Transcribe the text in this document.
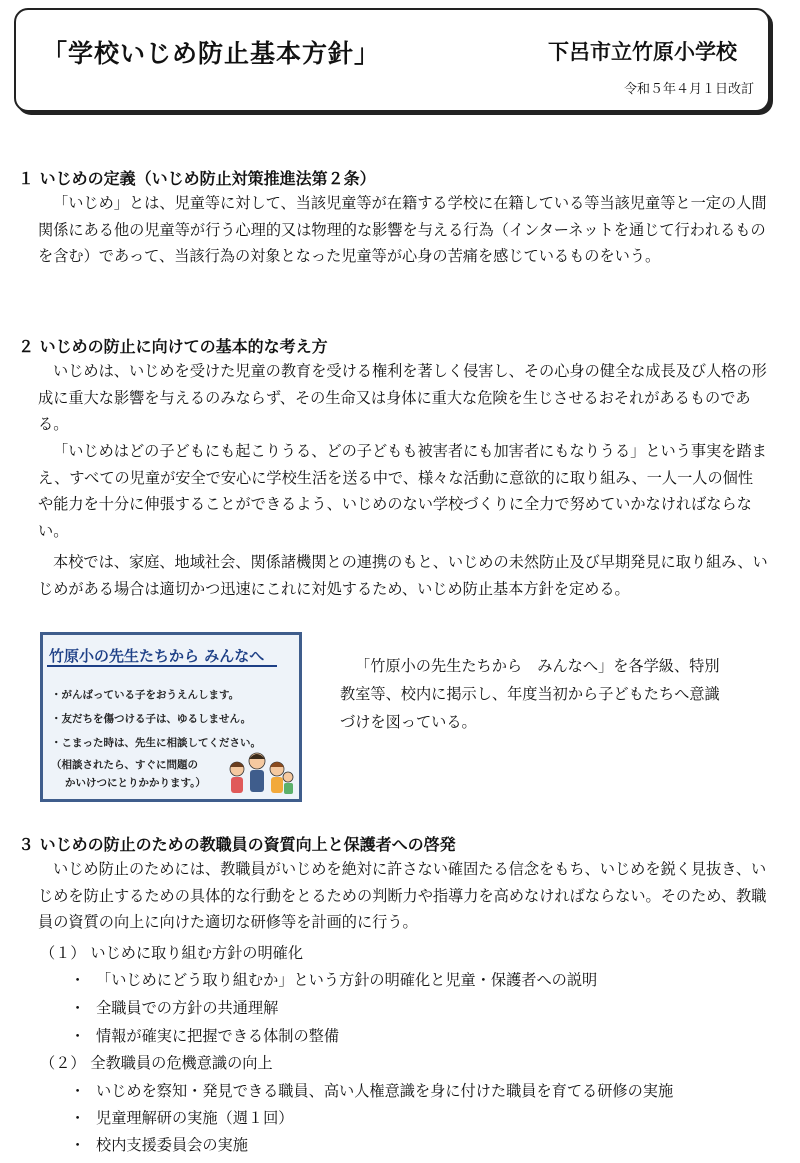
「学校いじめ防止基本方針」	下呂市立竹原小学校
令和５年４月１日改訂
１ いじめの定義（いじめ防止対策推進法第２条）
「いじめ」とは、児童等に対して、当該児童等が在籍する学校に在籍している等当該児童等と一定の人間関係にある他の児童等が行う心理的又は物理的な影響を与える行為（インターネットを通じて行われるものを含む）であって、当該行為の対象となった児童等が心身の苦痛を感じているものをいう。
２ いじめの防止に向けての基本的な考え方
いじめは、いじめを受けた児童の教育を受ける権利を著しく侵害し、その心身の健全な成長及び人格の形成に重大な影響を与えるのみならず、その生命又は身体に重大な危険を生じさせるおそれがあるものである。
「いじめはどの子どもにも起こりうる、どの子どもも被害者にも加害者にもなりうる」という事実を踏まえ、すべての児童が安全で安心に学校生活を送る中で、様々な活動に意欲的に取り組み、一人一人の個性や能力を十分に伸張することができるよう、いじめのない学校づくりに全力で努めていかなければならない。
本校では、家庭、地域社会、関係諸機関との連携のもと、いじめの未然防止及び早期発見に取り組み、いじめがある場合は適切かつ迅速にこれに対処するため、いじめ防止基本方針を定める。
竹原小の先生たちから みんなへ
・がんばっている子をおうえんします。
・友だちを傷つける子は、ゆるしません。
・こまった時は、先生に相談してください。
（相談されたら、すぐに問題の
かいけつにとりかかります。）
「竹原小の先生たちから　みんなへ」を各学級、特別教室等、校内に掲示し、年度当初から子どもたちへ意識づけを図っている。
３ いじめの防止のための教職員の資質向上と保護者への啓発
いじめ防止のためには、教職員がいじめを絶対に許さない確固たる信念をもち、いじめを鋭く見抜き、いじめを防止するための具体的な行動をとるための判断力や指導力を高めなければならない。そのため、教職員の資質の向上に向けた適切な研修等を計画的に行う。
（１） いじめに取り組む方針の明確化
・ 「いじめにどう取り組むか」という方針の明確化と児童・保護者への説明
・ 全職員での方針の共通理解
・ 情報が確実に把握できる体制の整備
（２） 全教職員の危機意識の向上
・ いじめを察知・発見できる職員、高い人権意識を身に付けた職員を育てる研修の実施
・ 児童理解研の実施（週１回）
・ 校内支援委員会の実施
